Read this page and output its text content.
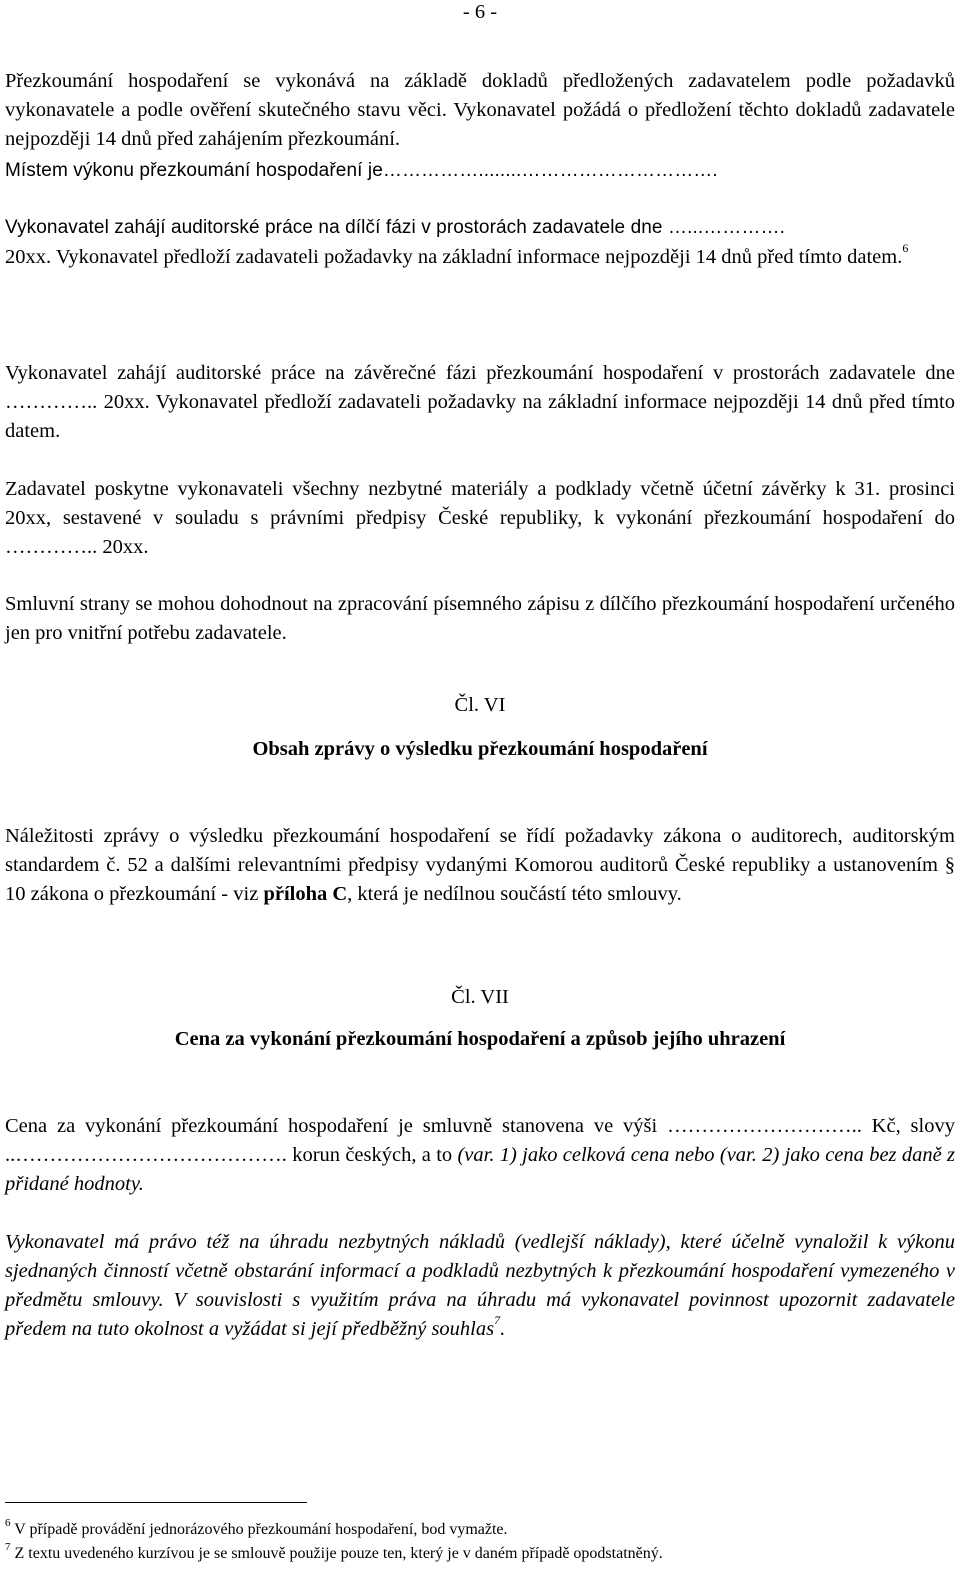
- 6 -

Přezkoumání hospodaření se vykonává na základě dokladů předložených zadavatelem podle požadavků vykonavatele a podle ověření skutečného stavu věci. Vykonavatel požádá o předložení těchto dokladů zadavatele nejpozději 14 dnů před zahájením přezkoumání.

Místem výkonu přezkoumání hospodaření je……………........………………………….

Vykonavatel zahájí auditorské práce na dílčí fázi v prostorách zadavatele dne …...………….
20xx. Vykonavatel předloží zadavateli požadavky na základní informace nejpozději 14 dnů před tímto datem.$^6$

Vykonavatel zahájí auditorské práce na závěrečné fázi přezkoumání hospodaření v prostorách zadavatele dne ………….. 20xx. Vykonavatel předloží zadavateli požadavky na základní informace nejpozději 14 dnů před tímto datem.

Zadavatel poskytne vykonavateli všechny nezbytné materiály a podklady včetně účetní závěrky k 31. prosinci 20xx, sestavené v souladu s právními předpisy České republiky, k vykonání přezkoumání hospodaření do ………….. 20xx.

Smluvní strany se mohou dohodnout na zpracování písemného zápisu z dílčího přezkoumání hospodaření určeného jen pro vnitřní potřebu zadavatele.

Čl. VI

Obsah zprávy o výsledku přezkoumání hospodaření

Náležitosti zprávy o výsledku přezkoumání hospodaření se řídí požadavky zákona o auditorech, auditorským standardem č. 52 a dalšími relevantními předpisy vydanými Komorou auditorů České republiky a ustanovením § 10 zákona o přezkoumání - viz příloha C, která je nedílnou součástí této smlouvy.

Čl. VII

Cena za vykonání přezkoumání hospodaření a způsob jejího uhrazení

Cena za vykonání přezkoumání hospodaření je smluvně stanovena ve výši ……………………….. Kč, slovy ..…………………………………. korun českých, a to (var. 1) jako celková cena nebo (var. 2) jako cena bez daně z přidané hodnoty.

Vykonavatel má právo též na úhradu nezbytných nákladů (vedlejší náklady), které účelně vynaložil k výkonu sjednaných činností včetně obstarání informací a podkladů nezbytných k přezkoumání hospodaření vymezeného v předmětu smlouvy. V souvislosti s využitím práva na úhradu má vykonavatel povinnost upozornit zadavatele předem na tuto okolnost a vyžádat si její předběžný souhlas$^7$.

$^6$ V případě provádění jednorázového přezkoumání hospodaření, bod vymažte.
$^7$ Z textu uvedeného kurzívou je se smlouvě použije pouze ten, který je v daném případě opodstatněný.
